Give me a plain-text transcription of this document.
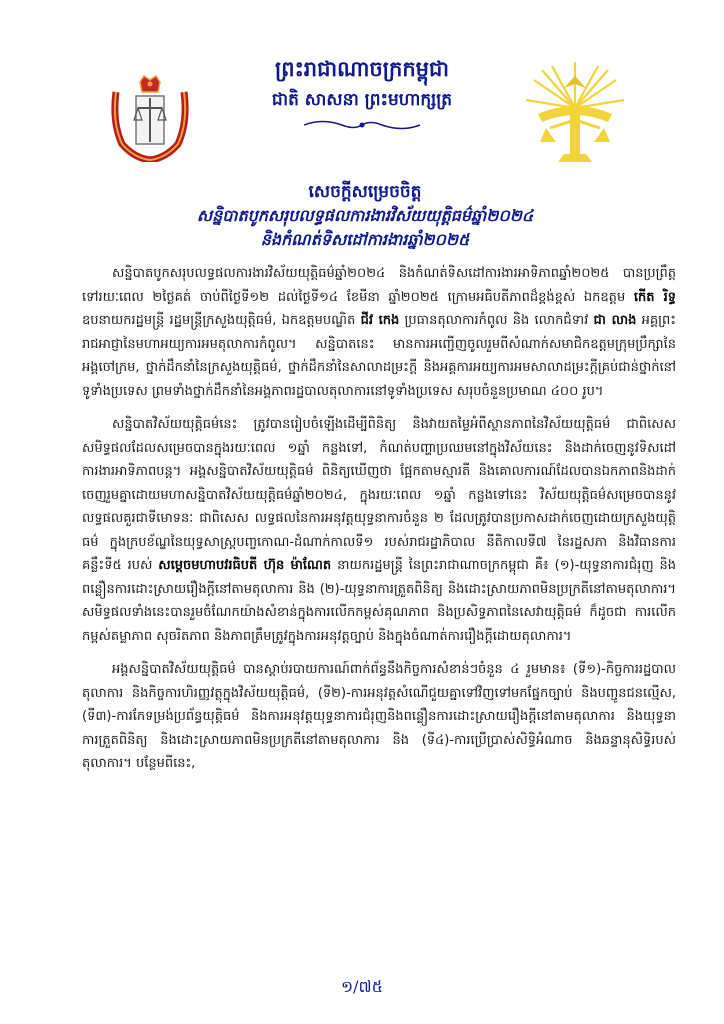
ព្រះរាជាណាចក្រកម្ពុជា

ជាតិ សាសនា ព្រះមហាក្សត្រ

សេចក្តីសម្រេចចិត្ត

សន្និបាតបូកសរុបលទ្ធផលការងារវិស័យយុត្តិធម៌ឆ្នាំ២០២៤

និងកំណត់ទិសដៅការងារឆ្នាំ២០២៥

សន្និបាតបូកសរុបលទ្ធផលការងារវិស័យយុត្តិធម៌ឆ្នាំ២០២៤ និងកំណត់ទិសដៅការងារអាទិភាពឆ្នាំ២០២៥ បានប្រព្រឹត្តទៅរយៈពេល ២ថ្ងៃគត់ ចាប់ពីថ្ងៃទី១២ ដល់ថ្ងៃទី១៤ ខែមីនា ឆ្នាំ២០២៥ ក្រោមអធិបតីភាពដ៏ខ្ពង់ខ្ពស់ ឯកឧត្តម កើត រិទ្ធ ឧបនាយករដ្ឋមន្ត្រី រដ្ឋមន្ត្រីក្រសួងយុត្តិធម៌, ឯកឧត្តមបណ្ឌិត ជីវ កេង ប្រធានតុលាការកំពូល និង លោកជំទាវ ជា លាង អគ្គព្រះរាជអាជ្ញានៃមហាអយ្យការអមតុលាការកំពូល។ សន្និបាតនេះ មានការអញ្ជើញចូលរួមពីសំណាក់សមាជិកឧត្តមក្រុមប្រឹក្សានៃអង្គចៅក្រម, ថ្នាក់ដឹកនាំនៃក្រសួងយុត្តិធម៌, ថ្នាក់ដឹកនាំនៃសាលាដម្រះក្តី និងអគ្គការអយ្យការអមសាលាដម្រះក្តីគ្រប់ជាន់ថ្នាក់នៅទូទាំងប្រទេស ព្រមទាំងថ្នាក់ដឹកនាំនៃអង្គភាពរដ្ឋបាលតុលាការនៅទូទាំងប្រទេស សរុបចំនួនប្រមាណ ៤០០ រូប។

សន្និបាតវិស័យយុត្តិធម៌នេះ ត្រូវបានរៀបចំឡើងដើម្បីពិនិត្យ និងវាយតម្លៃអំពីស្ថានភាពនៃវិស័យយុត្តិធម៌ ជាពិសេស សមិទ្ធផលដែលសម្រេចបានក្នុងរយៈពេល ១ឆ្នាំ កន្លងទៅ, កំណត់បញ្ហាប្រឈមនៅក្នុងវិស័យនេះ និងដាក់ចេញនូវទិសដៅការងារអាទិភាពបន្ត។ អង្គសន្និបាតវិស័យយុត្តិធម៌ ពិនិត្យឃើញថា ផ្អែកតាមស្មារតី និងគោលការណ៍ដែលបានឯកភាពនិងដាក់ចេញរួមគ្នាដោយមហាសន្និបាតវិស័យយុត្តិធម៌ឆ្នាំ២០២៤, ក្នុងរយៈពេល ១ឆ្នាំ កន្លងទៅនេះ វិស័យយុត្តិធម៌សម្រេចបាននូវលទ្ធផលគួរជាទីមោទនៈ ជាពិសេស លទ្ធផលនៃការអនុវត្តយុទ្ធនាការចំនួន ២ ដែលត្រូវបានប្រកាសដាក់ចេញដោយក្រសួងយុត្តិធម៌ ក្នុងក្របខ័ណ្ឌនៃយុទ្ធសាស្ត្របញ្ចកោណ-ដំណាក់កាលទី១ របស់រាជរដ្ឋាភិបាល នីតិកាលទី៧ នៃរដ្ឋសភា និងវិធានការគន្លឹះទី៥ របស់ សម្តេចមហាបវរធិបតី ហ៊ុន ម៉ាណែត នាយករដ្ឋមន្ត្រី នៃព្រះរាជាណាចក្រកម្ពុជា គឺ៖ (១)-យុទ្ធនាការជំរុញ និងពន្លឿនការដោះស្រាយរឿងក្តីនៅតាមតុលាការ និង (២)-យុទ្ធនាការត្រួតពិនិត្យ និងដោះស្រាយភាពមិនប្រក្រតីនៅតាមតុលាការ។ សមិទ្ធផលទាំងនេះបានរួមចំណែកយ៉ាងសំខាន់ក្នុងការលើកកម្ពស់គុណភាព និងប្រសិទ្ធភាពនៃសេវាយុត្តិធម៌ ក៏ដូចជា ការលើកកម្ពស់តម្លាភាព សុចរិតភាព និងភាពត្រឹមត្រូវក្នុងការអនុវត្តច្បាប់ និងក្នុងចំណាត់ការរឿងក្តីដោយតុលាការ។

អង្គសន្និបាតវិស័យយុត្តិធម៌ បានស្តាប់របាយការណ៍ពាក់ព័ន្ធនឹងកិច្ចការសំខាន់ៗចំនួន ៤ រួមមាន៖ (ទី១)-កិច្ចការរដ្ឋបាលតុលាការ និងកិច្ចការហិរញ្ញវត្ថុក្នុងវិស័យយុត្តិធម៌, (ទី២)-ការអនុវត្តសំណើជួយគ្នាទៅវិញទៅមកផ្នែកច្បាប់ និងបញ្ជូនជនល្មើស, (ទី៣)-ការកែទម្រង់ប្រព័ន្ធយុត្តិធម៌ និងការអនុវត្តយុទ្ធនាការជំរុញនិងពន្លឿនការដោះស្រាយរឿងក្តីនៅតាមតុលាការ និងយុទ្ធនាការត្រួតពិនិត្យ និងដោះស្រាយភាពមិនប្រក្រតីនៅតាមតុលាការ និង (ទី៤)-ការប្រើប្រាស់សិទ្ធិអំណាច និងឆន្ទានុសិទ្ធិរបស់តុលាការ។ បន្ថែមពីនេះ,

១/៧៥
